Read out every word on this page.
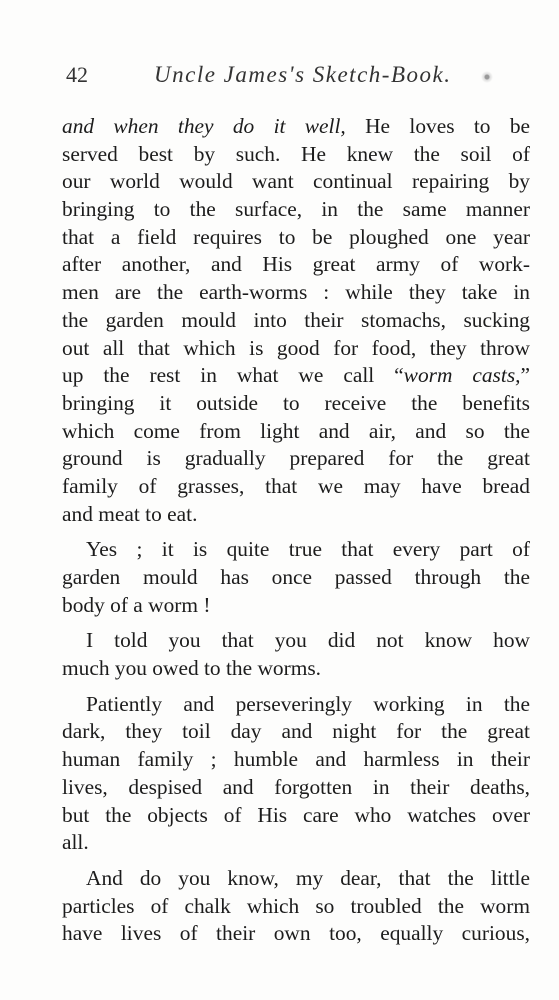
42	Uncle James's Sketch-Book.
and when they do it well, He loves to be
served best by such. He knew the soil of
our world would want continual repairing by
bringing to the surface, in the same manner
that a field requires to be ploughed one year
after another, and His great army of work-
men are the earth-worms : while they take in
the garden mould into their stomachs, sucking
out all that which is good for food, they throw
up the rest in what we call “worm casts,”
bringing it outside to receive the benefits
which come from light and air, and so the
ground is gradually prepared for the great
family of grasses, that we may have bread
and meat to eat.
Yes ; it is quite true that every part of
garden mould has once passed through the
body of a worm !
I told you that you did not know how
much you owed to the worms.
Patiently and perseveringly working in the
dark, they toil day and night for the great
human family ; humble and harmless in their
lives, despised and forgotten in their deaths,
but the objects of His care who watches over
all.
And do you know, my dear, that the little
particles of chalk which so troubled the worm
have lives of their own too, equally curious,
